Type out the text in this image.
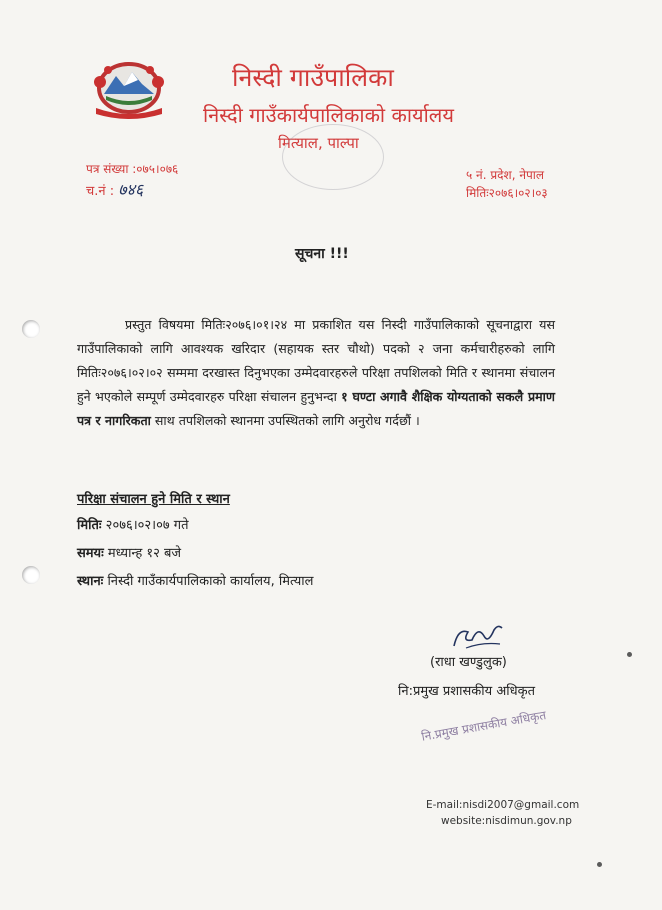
निस्दी गाउँपालिका
निस्दी गाउँकार्यपालिकाको कार्यालय
मित्याल, पाल्पा
पत्र संख्या :०७५।०७६
च.नं : ७४६
५ नं. प्रदेश, नेपाल
मितिः२०७६।०२।०३
सूचना !!!
प्रस्तुत विषयमा मितिः२०७६।०१।२४ मा प्रकाशित यस निस्दी गाउँपालिकाको सूचनाद्वारा यस गाउँपालिकाको लागि आवश्यक खरिदार (सहायक स्तर चौथो) पदको २ जना कर्मचारीहरुको लागि मितिः२०७६।०२।०२ सम्ममा दरखास्त दिनुभएका उम्मेदवारहरुले परिक्षा तपशिलको मिति र स्थानमा संचालन हुने भएकोले सम्पूर्ण उम्मेदवारहरु परिक्षा संचालन हुनुभन्दा १ घण्टा अगावै शैक्षिक योग्यताको सकलै प्रमाण पत्र र नागरिकता साथ तपशिलको स्थानमा उपस्थितको लागि अनुरोध गर्दछौं ।
परिक्षा संचालन हुने मिति र स्थान
मितिः २०७६।०२।०७ गते
समयः मध्यान्ह १२ बजे
स्थानः निस्दी गाउँकार्यपालिकाको कार्यालय, मित्याल
(राधा खण्डुलुक)
नि:प्रमुख प्रशासकीय अधिकृत
नि.प्रमुख प्रशासकीय अधिकृत
E-mail:nisdi2007@gmail.com
website:nisdimun.gov.np
